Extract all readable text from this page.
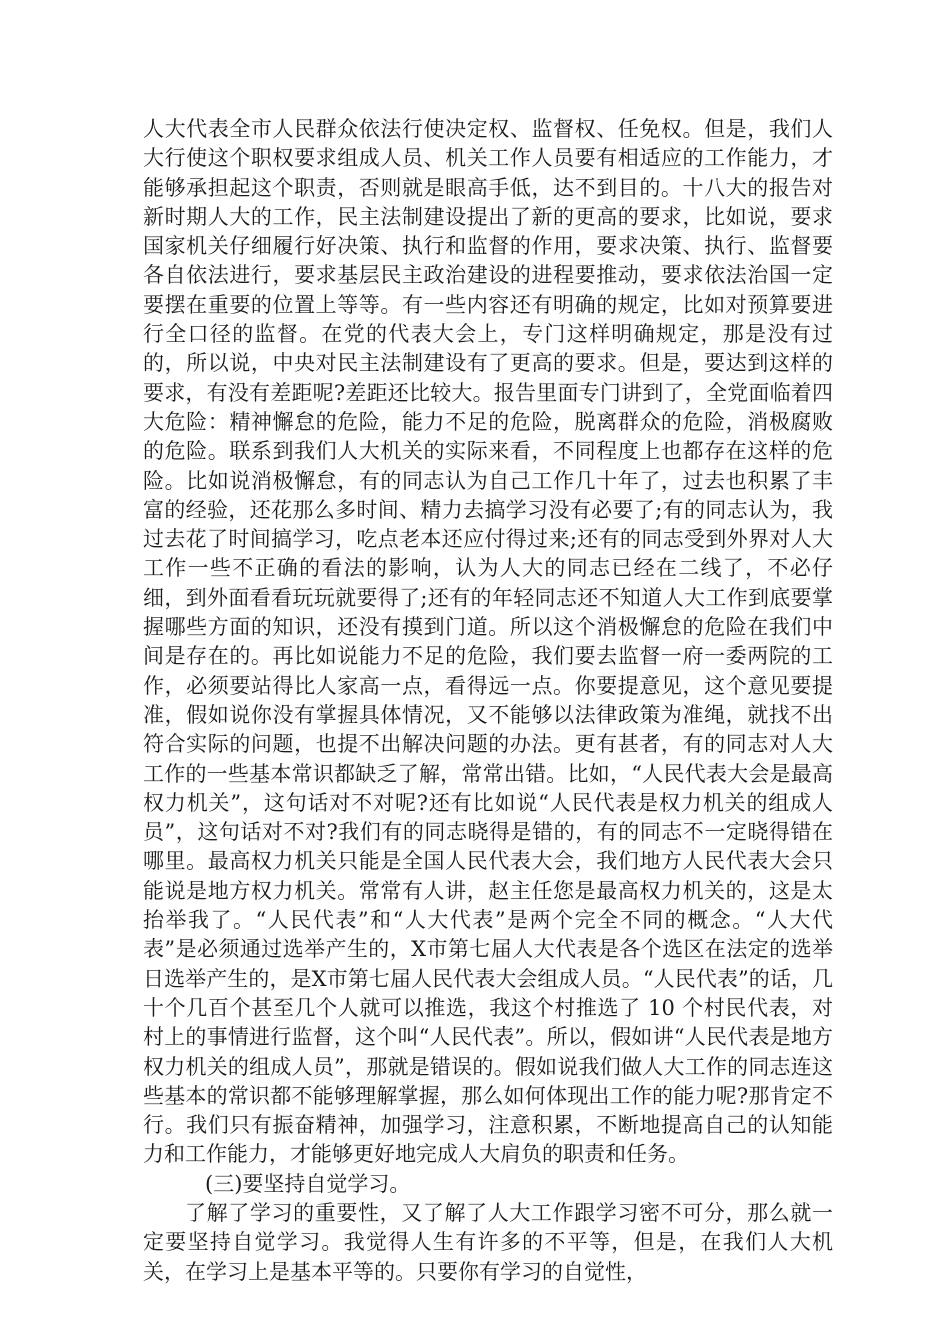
人大代表全市人民群众依法行使决定权、监督权、任免权。但是，我们人大行使这个职权要求组成人员、机关工作人员要有相适应的工作能力，才能够承担起这个职责，否则就是眼高手低，达不到目的。十八大的报告对新时期人大的工作，民主法制建设提出了新的更高的要求，比如说，要求国家机关仔细履行好决策、执行和监督的作用，要求决策、执行、监督要各自依法进行，要求基层民主政治建设的进程要推动，要求依法治国一定要摆在重要的位置上等等。有一些内容还有明确的规定，比如对预算要进行全口径的监督。在党的代表大会上，专门这样明确规定，那是没有过的，所以说，中央对民主法制建设有了更高的要求。但是，要达到这样的要求，有没有差距呢?差距还比较大。报告里面专门讲到了，全党面临着四大危险：精神懈怠的危险，能力不足的危险，脱离群众的危险，消极腐败的危险。联系到我们人大机关的实际来看，不同程度上也都存在这样的危险。比如说消极懈怠，有的同志认为自己工作几十年了，过去也积累了丰富的经验，还花那么多时间、精力去搞学习没有必要了;有的同志认为，我过去花了时间搞学习，吃点老本还应付得过来;还有的同志受到外界对人大工作一些不正确的看法的影响，认为人大的同志已经在二线了，不必仔细，到外面看看玩玩就要得了;还有的年轻同志还不知道人大工作到底要掌握哪些方面的知识，还没有摸到门道。所以这个消极懈怠的危险在我们中间是存在的。再比如说能力不足的危险，我们要去监督一府一委两院的工作，必须要站得比人家高一点，看得远一点。你要提意见，这个意见要提准，假如说你没有掌握具体情况，又不能够以法律政策为准绳，就找不出符合实际的问题，也提不出解决问题的办法。更有甚者，有的同志对人大工作的一些基本常识都缺乏了解，常常出错。比如，“人民代表大会是最高权力机关”，这句话对不对呢?还有比如说“人民代表是权力机关的组成人员”，这句话对不对?我们有的同志晓得是错的，有的同志不一定晓得错在哪里。最高权力机关只能是全国人民代表大会，我们地方人民代表大会只能说是地方权力机关。常常有人讲，赵主任您是最高权力机关的，这是太抬举我了。“人民代表”和“人大代表”是两个完全不同的概念。“人大代表”是必须通过选举产生的，X市第七届人大代表是各个选区在法定的选举日选举产生的，是X市第七届人民代表大会组成人员。“人民代表”的话，几十个几百个甚至几个人就可以推选，我这个村推选了 10 个村民代表，对村上的事情进行监督，这个叫“人民代表”。所以，假如讲“人民代表是地方权力机关的组成人员”，那就是错误的。假如说我们做人大工作的同志连这些基本的常识都不能够理解掌握，那么如何体现出工作的能力呢?那肯定不行。我们只有振奋精神，加强学习，注意积累，不断地提高自己的认知能力和工作能力，才能够更好地完成人大肩负的职责和任务。

(三)要坚持自觉学习。

了解了学习的重要性，又了解了人大工作跟学习密不可分，那么就一定要坚持自觉学习。我觉得人生有许多的不平等，但是，在我们人大机关，在学习上是基本平等的。只要你有学习的自觉性，
